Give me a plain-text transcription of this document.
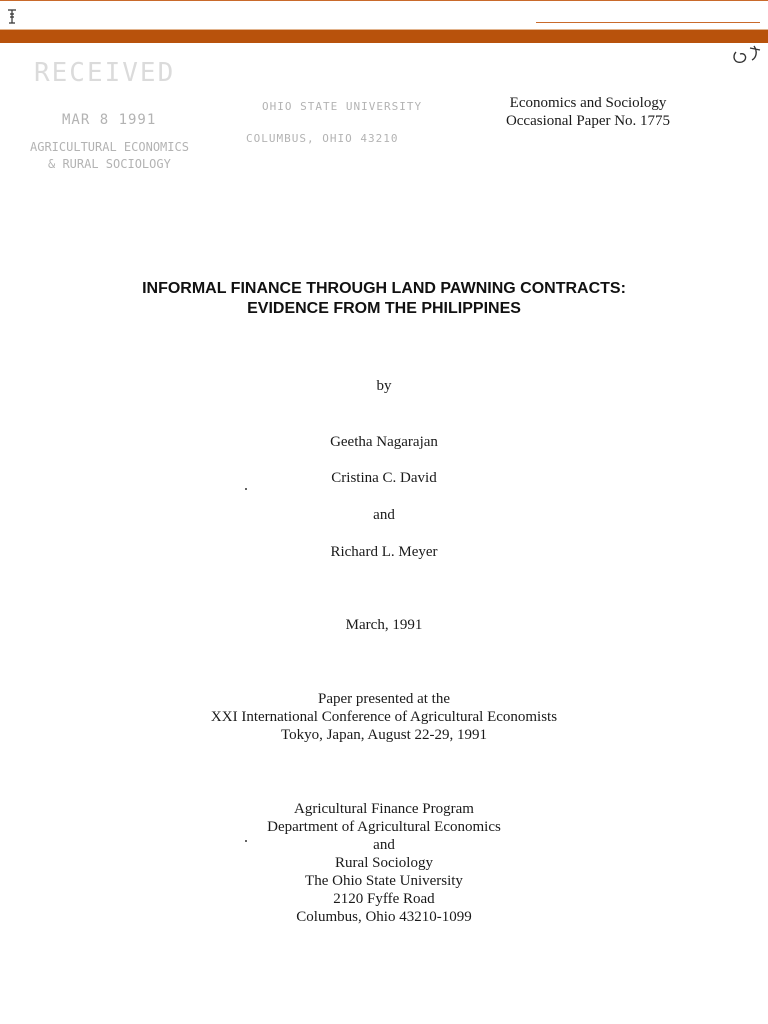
RECEIVED
MAR 8 1991
AGRICULTURAL ECONOMICS
& RURAL SOCIOLOGY
OHIO STATE UNIVERSITY
COLUMBUS, OHIO 43210
Economics and Sociology
Occasional Paper No. 1775
INFORMAL FINANCE THROUGH LAND PAWNING CONTRACTS:
EVIDENCE FROM THE PHILIPPINES
by
Geetha Nagarajan
Cristina C. David
and
Richard L. Meyer
March, 1991
Paper presented at the
XXI International Conference of Agricultural Economists
Tokyo, Japan, August 22-29, 1991
Agricultural Finance Program
Department of Agricultural Economics
and
Rural Sociology
The Ohio State University
2120 Fyffe Road
Columbus, Ohio 43210-1099
